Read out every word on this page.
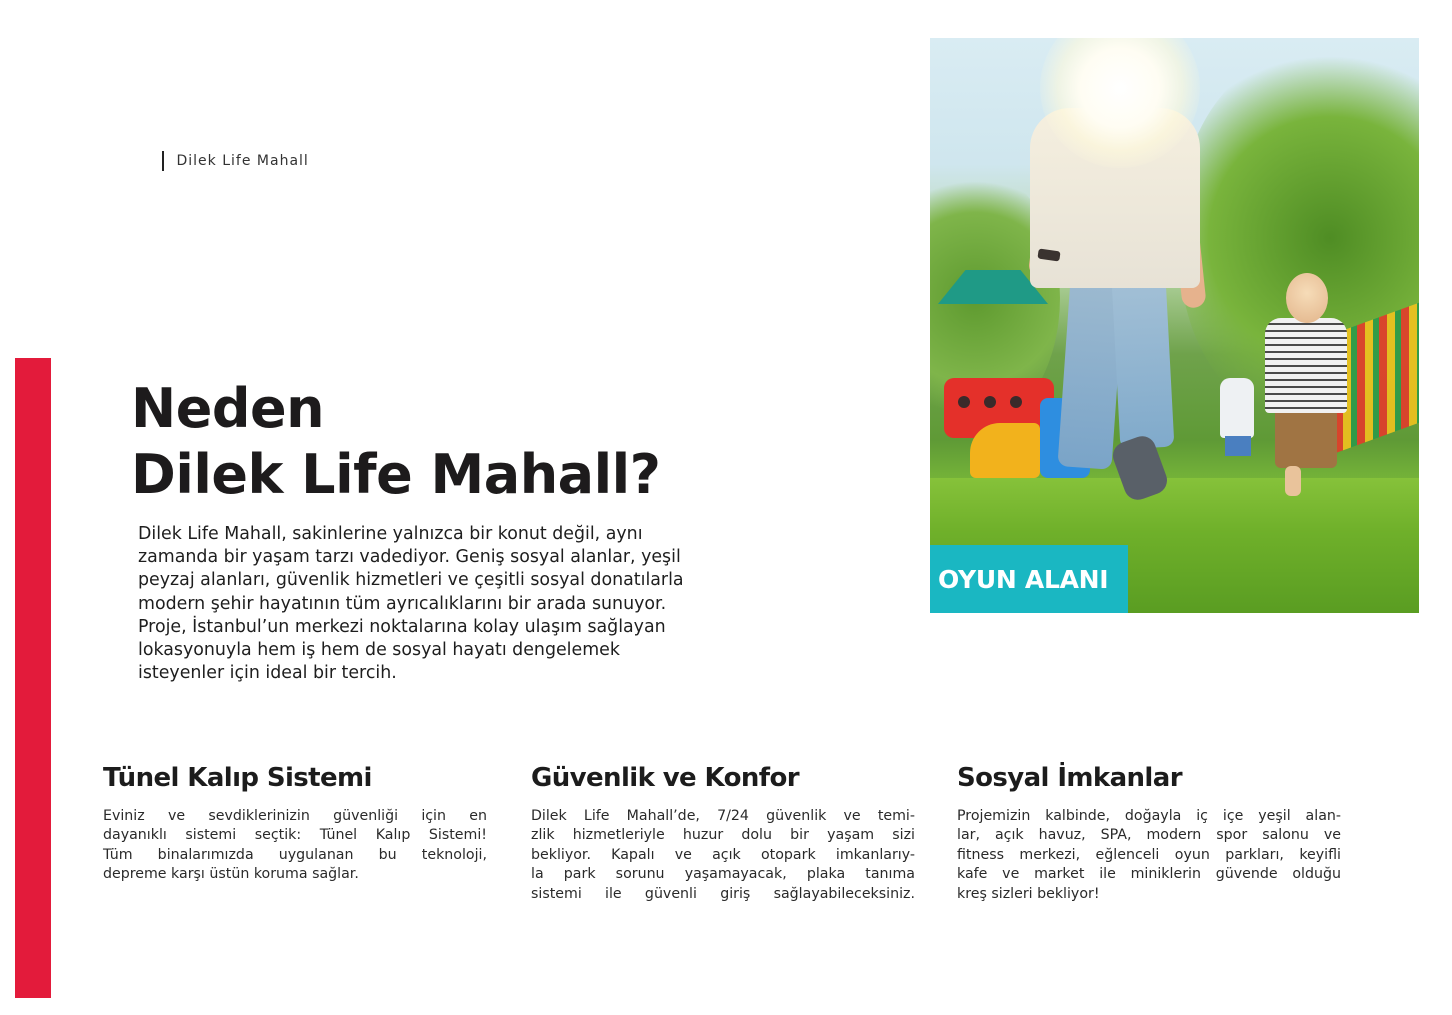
Dilek Life Mahall
Neden
Dilek Life Mahall?

Dilek Life Mahall, sakinlerine yalnızca bir konut değil, aynı

zamanda bir yaşam tarzı vadediyor. Geniş sosyal alanlar, yeşil

peyzaj alanları, güvenlik hizmetleri ve çeşitli sosyal donatılarla

modern şehir hayatının tüm ayrıcalıklarını bir arada sunuyor.

Proje, İstanbul’un merkezi noktalarına kolay ulaşım sağlayan

lokasyonuyla hem iş hem de sosyal hayatı dengelemek

isteyenler için ideal bir tercih.

OYUN ALANI
Tünel Kalıp Sistemi

Eviniz ve sevdiklerinizin güvenliği için en
dayanıklı sistemi seçtik: Tünel Kalıp Sistemi!
Tüm binalarımızda uygulanan bu teknoloji,
depreme karşı üstün koruma sağlar.

Güvenlik ve Konfor

Dilek Life Mahall’de, 7/24 güvenlik ve temi-
zlik hizmetleriyle huzur dolu bir yaşam sizi
bekliyor. Kapalı ve açık otopark imkanlarıy-
la park sorunu yaşamayacak, plaka tanıma
sistemi ile güvenli giriş sağlayabileceksiniz.

Sosyal İmkanlar

Projemizin kalbinde, doğayla iç içe yeşil alan-
lar, açık havuz, SPA, modern spor salonu ve
fitness merkezi, eğlenceli oyun parkları, keyifli
kafe ve market ile miniklerin güvende olduğu
kreş sizleri bekliyor!
